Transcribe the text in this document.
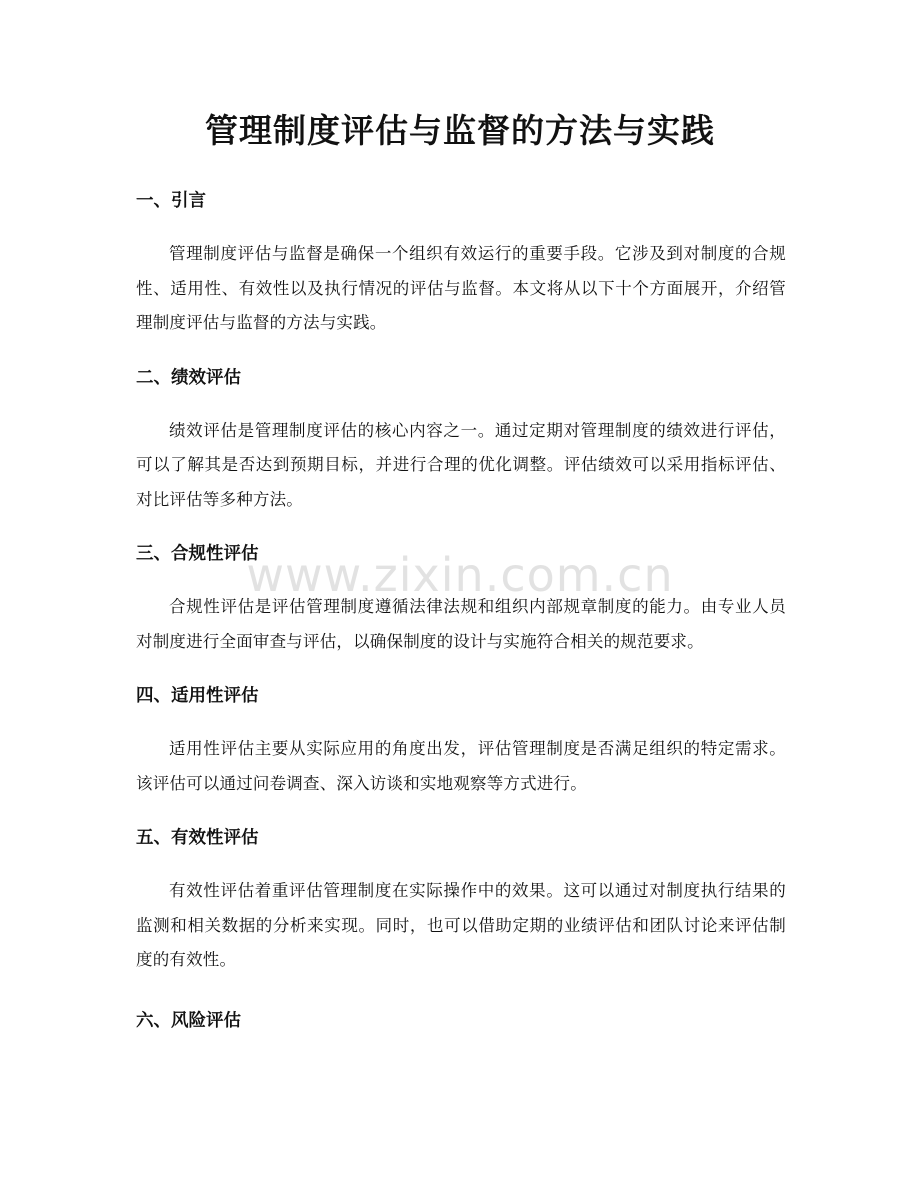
管理制度评估与监督的方法与实践
www.zixin.com.cn
一、引言

管理制度评估与监督是确保一个组织有效运行的重要手段。它涉及到对制度的合规性、适用性、有效性以及执行情况的评估与监督。本文将从以下十个方面展开，介绍管理制度评估与监督的方法与实践。

二、绩效评估

绩效评估是管理制度评估的核心内容之一。通过定期对管理制度的绩效进行评估，可以了解其是否达到预期目标，并进行合理的优化调整。评估绩效可以采用指标评估、对比评估等多种方法。

三、合规性评估

合规性评估是评估管理制度遵循法律法规和组织内部规章制度的能力。由专业人员对制度进行全面审查与评估，以确保制度的设计与实施符合相关的规范要求。

四、适用性评估

适用性评估主要从实际应用的角度出发，评估管理制度是否满足组织的特定需求。该评估可以通过问卷调查、深入访谈和实地观察等方式进行。

五、有效性评估

有效性评估着重评估管理制度在实际操作中的效果。这可以通过对制度执行结果的监测和相关数据的分析来实现。同时，也可以借助定期的业绩评估和团队讨论来评估制度的有效性。

六、风险评估
